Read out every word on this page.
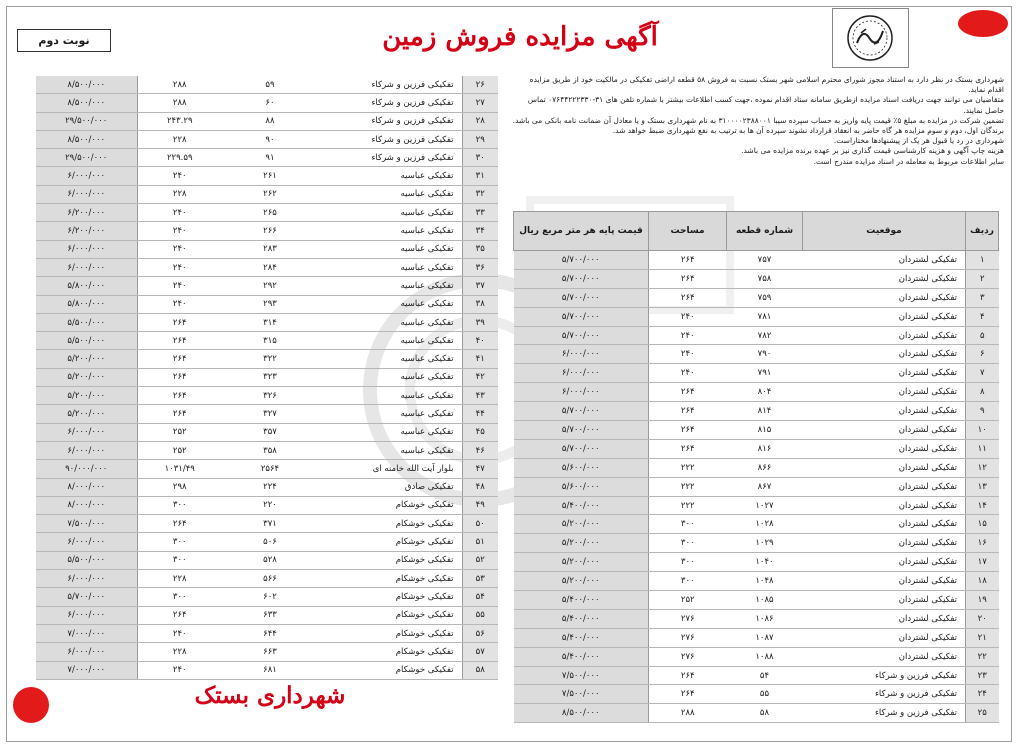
نوبت دوم	آگهی مزایده فروش زمین

شهرداری بستک در نظر دارد به استناد مجوز شورای محترم اسلامی شهر بستک نسبت به فروش ۵۸ قطعه اراضی تفکیکی در مالکیت خود از طریق مزایده اقدام نماید.

متقاضیان می توانند جهت دریافت اسناد مزایده ازطریق سامانه ستاد اقدام نموده ،جهت کسب اطلاعات بیشتر با شماره تلفن های ۳۱-۰۷۶۴۴۲۲۲۳۳۰ تماس حاصل نمایند.

تضمین شرکت در مزایده به مبلغ ۵٪ قیمت پایه واریز به حساب سپرده سیبا ۳۱۰۰۰۰۲۳۸۸۰۰۱ به نام شهرداری بستک و یا معادل آن ضمانت نامه بانکی می باشد.

برندگان اول، دوم و سوم مزایده هر گاه حاضر به انعقاد قرارداد نشوند سپرده آن ها به ترتیب به نفع شهرداری ضبط خواهد شد.

شهرداری در رد یا قبول هر یک از پیشنهادها مختاراست.

هزینه چاپ آگهی و هزینه کارشناسی قیمت گذاری نیز بر عهده برنده مزایده می باشد.

سایر اطلاعات مربوط به معامله در اسناد مزایده مندرج است.

ردیف	موقعیت	شماره قطعه	مساحت	قیمت پایه هر متر مربع ریال
۱	تفکیکی لشتردان	۷۵۷	۲۶۴	۵/۷۰۰/۰۰۰
۲	تفکیکی لشتردان	۷۵۸	۲۶۴	۵/۷۰۰/۰۰۰
۳	تفکیکی لشتردان	۷۵۹	۲۶۴	۵/۷۰۰/۰۰۰
۴	تفکیکی لشتردان	۷۸۱	۲۴۰	۵/۷۰۰/۰۰۰
۵	تفکیکی لشتردان	۷۸۲	۲۴۰	۵/۷۰۰/۰۰۰
۶	تفکیکی لشتردان	۷۹۰	۲۴۰	۶/۰۰۰/۰۰۰
۷	تفکیکی لشتردان	۷۹۱	۲۴۰	۶/۰۰۰/۰۰۰
۸	تفکیکی لشتردان	۸۰۴	۲۶۴	۶/۰۰۰/۰۰۰
۹	تفکیکی لشتردان	۸۱۴	۲۶۴	۵/۷۰۰/۰۰۰
۱۰	تفکیکی لشتردان	۸۱۵	۲۶۴	۵/۷۰۰/۰۰۰
۱۱	تفکیکی لشتردان	۸۱۶	۲۶۴	۵/۷۰۰/۰۰۰
۱۲	تفکیکی لشتردان	۸۶۶	۲۲۲	۵/۶۰۰/۰۰۰
۱۳	تفکیکی لشتردان	۸۶۷	۲۲۲	۵/۶۰۰/۰۰۰
۱۴	تفکیکی لشتردان	۱۰۲۷	۲۲۲	۵/۴۰۰/۰۰۰
۱۵	تفکیکی لشتردان	۱۰۲۸	۳۰۰	۵/۲۰۰/۰۰۰
۱۶	تفکیکی لشتردان	۱۰۲۹	۳۰۰	۵/۲۰۰/۰۰۰
۱۷	تفکیکی لشتردان	۱۰۴۰	۳۰۰	۵/۲۰۰/۰۰۰
۱۸	تفکیکی لشتردان	۱۰۴۸	۳۰۰	۵/۲۰۰/۰۰۰
۱۹	تفکیکی لشتردان	۱۰۸۵	۲۵۲	۵/۴۰۰/۰۰۰
۲۰	تفکیکی لشتردان	۱۰۸۶	۲۷۶	۵/۴۰۰/۰۰۰
۲۱	تفکیکی لشتردان	۱۰۸۷	۲۷۶	۵/۴۰۰/۰۰۰
۲۲	تفکیکی لشتردان	۱۰۸۸	۲۷۶	۵/۴۰۰/۰۰۰
۲۳	تفکیکی فرزین و شرکاء	۵۴	۲۶۴	۷/۵۰۰/۰۰۰
۲۴	تفکیکی فرزین و شرکاء	۵۵	۲۶۴	۷/۵۰۰/۰۰۰
۲۵	تفکیکی فرزین و شرکاء	۵۸	۲۸۸	۸/۵۰۰/۰۰۰
۲۶	تفکیکی فرزین و شرکاء	۵۹	۲۸۸	۸/۵۰۰/۰۰۰
۲۷	تفکیکی فرزین و شرکاء	۶۰	۲۸۸	۸/۵۰۰/۰۰۰
۲۸	تفکیکی فرزین و شرکاء	۸۸	۲۴۳.۲۹	۲۹/۵۰۰/۰۰۰
۲۹	تفکیکی فرزین و شرکاء	۹۰	۲۲۸	۸/۵۰۰/۰۰۰
۳۰	تفکیکی فرزین و شرکاء	۹۱	۲۲۹.۵۹	۲۹/۵۰۰/۰۰۰
۳۱	تفکیکی عباسیه	۲۶۱	۲۴۰	۶/۰۰۰/۰۰۰
۳۲	تفکیکی عباسیه	۲۶۲	۲۲۸	۶/۰۰۰/۰۰۰
۳۳	تفکیکی عباسیه	۲۶۵	۲۴۰	۶/۲۰۰/۰۰۰
۳۴	تفکیکی عباسیه	۲۶۶	۲۴۰	۶/۲۰۰/۰۰۰
۳۵	تفکیکی عباسیه	۲۸۳	۲۴۰	۶/۰۰۰/۰۰۰
۳۶	تفکیکی عباسیه	۲۸۴	۲۴۰	۶/۰۰۰/۰۰۰
۳۷	تفکیکی عباسیه	۲۹۲	۲۴۰	۵/۸۰۰/۰۰۰
۳۸	تفکیکی عباسیه	۲۹۳	۲۴۰	۵/۸۰۰/۰۰۰
۳۹	تفکیکی عباسیه	۳۱۴	۲۶۴	۵/۵۰۰/۰۰۰
۴۰	تفکیکی عباسیه	۳۱۵	۲۶۴	۵/۵۰۰/۰۰۰
۴۱	تفکیکی عباسیه	۳۲۲	۲۶۴	۵/۲۰۰/۰۰۰
۴۲	تفکیکی عباسیه	۳۲۳	۲۶۴	۵/۲۰۰/۰۰۰
۴۳	تفکیکی عباسیه	۳۲۶	۲۶۴	۵/۲۰۰/۰۰۰
۴۴	تفکیکی عباسیه	۳۲۷	۲۶۴	۵/۲۰۰/۰۰۰
۴۵	تفکیکی عباسیه	۳۵۷	۲۵۲	۶/۰۰۰/۰۰۰
۴۶	تفکیکی عباسیه	۳۵۸	۲۵۲	۶/۰۰۰/۰۰۰
۴۷	بلوار آیت الله خامنه ای	۲۵۶۴	۱۰۳۱/۴۹	۹۰/۰۰۰/۰۰۰
۴۸	تفکیکی صادق	۲۲۴	۲۹۸	۸/۰۰۰/۰۰۰
۴۹	تفکیکی خوشکام	۲۲۰	۳۰۰	۸/۰۰۰/۰۰۰
۵۰	تفکیکی خوشکام	۳۷۱	۲۶۴	۷/۵۰۰/۰۰۰
۵۱	تفکیکی خوشکام	۵۰۶	۳۰۰	۶/۰۰۰/۰۰۰
۵۲	تفکیکی خوشکام	۵۲۸	۳۰۰	۵/۵۰۰/۰۰۰
۵۳	تفکیکی خوشکام	۵۶۶	۲۲۸	۶/۰۰۰/۰۰۰
۵۴	تفکیکی خوشکام	۶۰۲	۳۰۰	۵/۷۰۰/۰۰۰
۵۵	تفکیکی خوشکام	۶۳۳	۲۶۴	۶/۰۰۰/۰۰۰
۵۶	تفکیکی خوشکام	۶۴۴	۲۴۰	۷/۰۰۰/۰۰۰
۵۷	تفکیکی خوشکام	۶۶۳	۲۲۸	۶/۰۰۰/۰۰۰
۵۸	تفکیکی خوشکام	۶۸۱	۲۴۰	۷/۰۰۰/۰۰۰
شهرداری بستک
